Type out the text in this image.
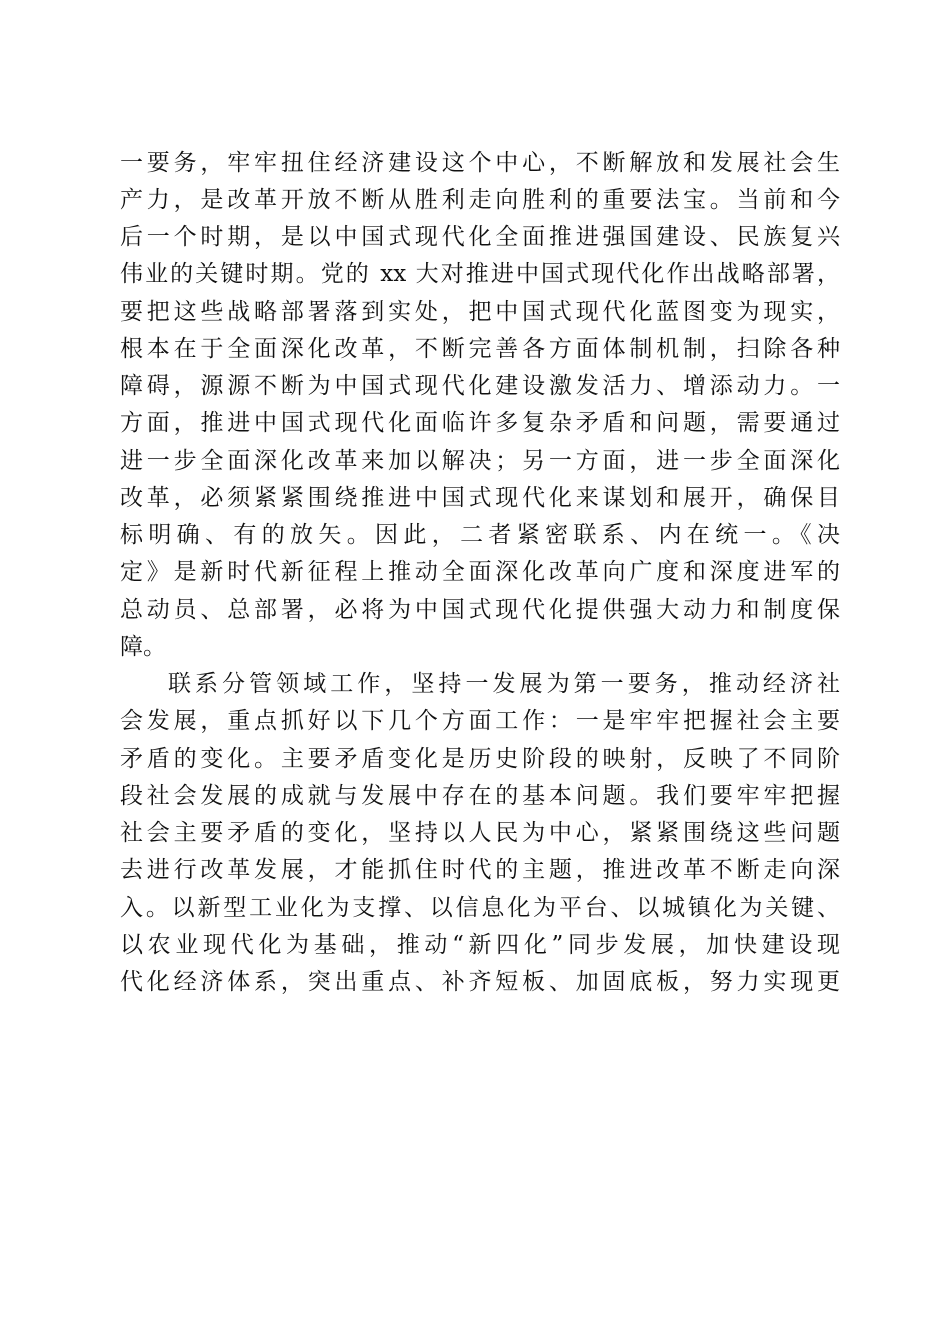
一要务，牢牢扭住经济建设这个中心，不断解放和发展社会生
产力，是改革开放不断从胜利走向胜利的重要法宝。当前和今
后一个时期，是以中国式现代化全面推进强国建设、民族复兴
伟业的关键时期。党的 xx 大对推进中国式现代化作出战略部署，
要把这些战略部署落到实处，把中国式现代化蓝图变为现实，
根本在于全面深化改革，不断完善各方面体制机制，扫除各种
障碍，源源不断为中国式现代化建设激发活力、增添动力。一
方面，推进中国式现代化面临许多复杂矛盾和问题，需要通过
进一步全面深化改革来加以解决；另一方面，进一步全面深化
改革，必须紧紧围绕推进中国式现代化来谋划和展开，确保目
标明确、有的放矢。因此，二者紧密联系、内在统一。《决
定》是新时代新征程上推动全面深化改革向广度和深度进军的
总动员、总部署，必将为中国式现代化提供强大动力和制度保
障。
联系分管领域工作，坚持一发展为第一要务，推动经济社
会发展，重点抓好以下几个方面工作：一是牢牢把握社会主要
矛盾的变化。主要矛盾变化是历史阶段的映射，反映了不同阶
段社会发展的成就与发展中存在的基本问题。我们要牢牢把握
社会主要矛盾的变化，坚持以人民为中心，紧紧围绕这些问题
去进行改革发展，才能抓住时代的主题，推进改革不断走向深
入。以新型工业化为支撑、以信息化为平台、以城镇化为关键、
以农业现代化为基础，推动“新四化”同步发展，加快建设现
代化经济体系，突出重点、补齐短板、加固底板，努力实现更
